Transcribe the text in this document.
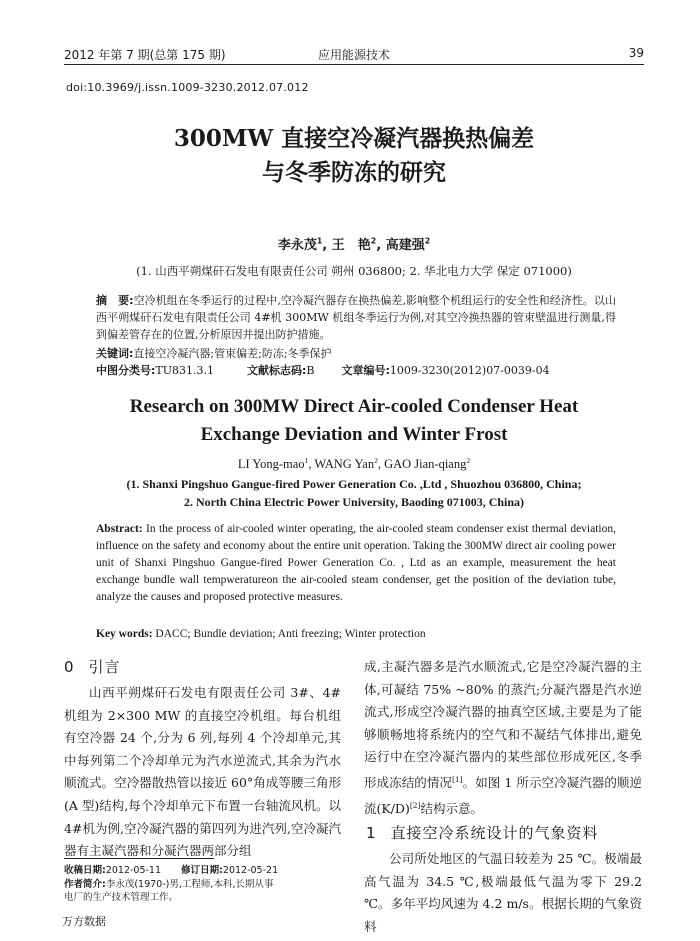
2012 年第 7 期(总第 175 期)	应用能源技术	39
doi:10.3969/j.issn.1009-3230.2012.07.012
300MW 直接空冷凝汽器换热偏差
与冬季防冻的研究
李永茂$^1$, 王　艳$^2$, 高建强$^2$
(1. 山西平朔煤矸石发电有限责任公司 朔州 036800; 2. 华北电力大学 保定 071000)
摘　要:空冷机组在冬季运行的过程中,空冷凝汽器存在换热偏差,影响整个机组运行的安全性和经济性。以山西平朔煤矸石发电有限责任公司 4#机 300MW 机组冬季运行为例,对其空冷换热器的管束壁温进行测量,得到偏差管存在的位置,分析原因并提出防护措施。
关键词:直接空冷凝汽器;管束偏差;防冻;冬季保护
中图分类号:TU831.3.1	文献标志码:B 文章编号:1009-3230(2012)07-0039-04
Research on 300MW Direct Air-cooled Condenser Heat
Exchange Deviation and Winter Frost
LI Yong-mao$^1$, WANG Yan$^2$, GAO Jian-qiang$^2$
(1. Shanxi Pingshuo Gangue-fired Power Generation Co. ,Ltd , Shuozhou 036800, China;
2. North China Electric Power University, Baoding 071003, China)
Abstract: In the process of air-cooled winter operating, the air-cooled steam condenser exist thermal deviation, influence on the safety and economy about the entire unit operation. Taking the 300MW direct air cooling power unit of Shanxi Pingshuo Gangue-fired Power Generation Co. , Ltd as an example, measurement the heat exchange bundle wall tempweratureon the air-cooled steam condenser, get the position of the deviation tube, analyze the causes and proposed protective measures.
Key words: DACC; Bundle deviation; Anti freezing; Winter protection
0 引言

山西平朔煤矸石发电有限责任公司 3#、4#机组为 2×300 MW 的直接空冷机组。每台机组有空冷器 24 个,分为 6 列,每列 4 个冷却单元,其中每列第二个冷却单元为汽水逆流式,其余为汽水顺流式。空冷器散热管以接近 60°角成等腰三角形(A 型)结构,每个冷却单元下布置一台轴流风机。以 4#机为例,空冷凝汽器的第四列为进汽列,空冷凝汽器有主凝汽器和分凝汽器两部分组

成,主凝汽器多是汽水顺流式,它是空冷凝汽器的主体,可凝结 75% ~80% 的蒸汽;分凝汽器是汽水逆流式,形成空冷凝汽器的抽真空区域,主要是为了能够顺畅地将系统内的空气和不凝结气体排出,避免运行中在空冷凝汽器内的某些部位形成死区,冬季形成冻结的情况[1]。如图 1 所示空冷凝汽器的顺逆流(K/D)[2]结构示意。

1 直接空冷系统设计的气象资料

公司所处地区的气温日较差为 25 ℃。极端最高气温为 34.5 ℃,极端最低气温为零下 29.2 ℃。多年平均风速为 4.2 m/s。根据长期的气象资料

收稿日期:2012-05-11 修订日期:2012-05-21
作者简介:李永茂(1970-)男,工程师,本科,长期从事电厂的生产技术管理工作。
万方数据
